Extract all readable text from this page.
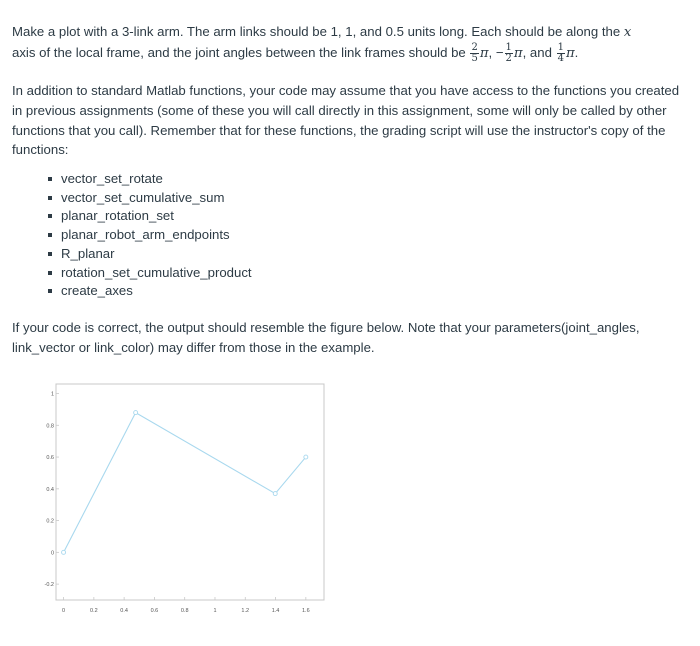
Make a plot with a 3-link arm. The arm links should be 1, 1, and 0.5 units long. Each should be along the x
axis of the local frame, and the joint angles between the link frames should be $\frac{2}{5} \pi$, − $\frac{1}{2} \pi$, and $\frac{1}{4} \pi$.

In addition to standard Matlab functions, your code may assume that you have access to the functions you created in previous assignments (some of these you will call directly in this assignment, some will only be called by other functions that you call). Remember that for these functions, the grading script will use the instructor's copy of the functions:

vector_set_rotate
vector_set_cumulative_sum
planar_rotation_set
planar_robot_arm_endpoints
R_planar
rotation_set_cumulative_product
create_axes

If your code is correct, the output should resemble the figure below. Note that your parameters(joint_angles, link_vector or link_color) may differ from those in the example.

0	0.2	0.4	0.6	0.8	1	1.2	1.4	1.6
-0.2
0
0.2
0.4
0.6
0.8
1
